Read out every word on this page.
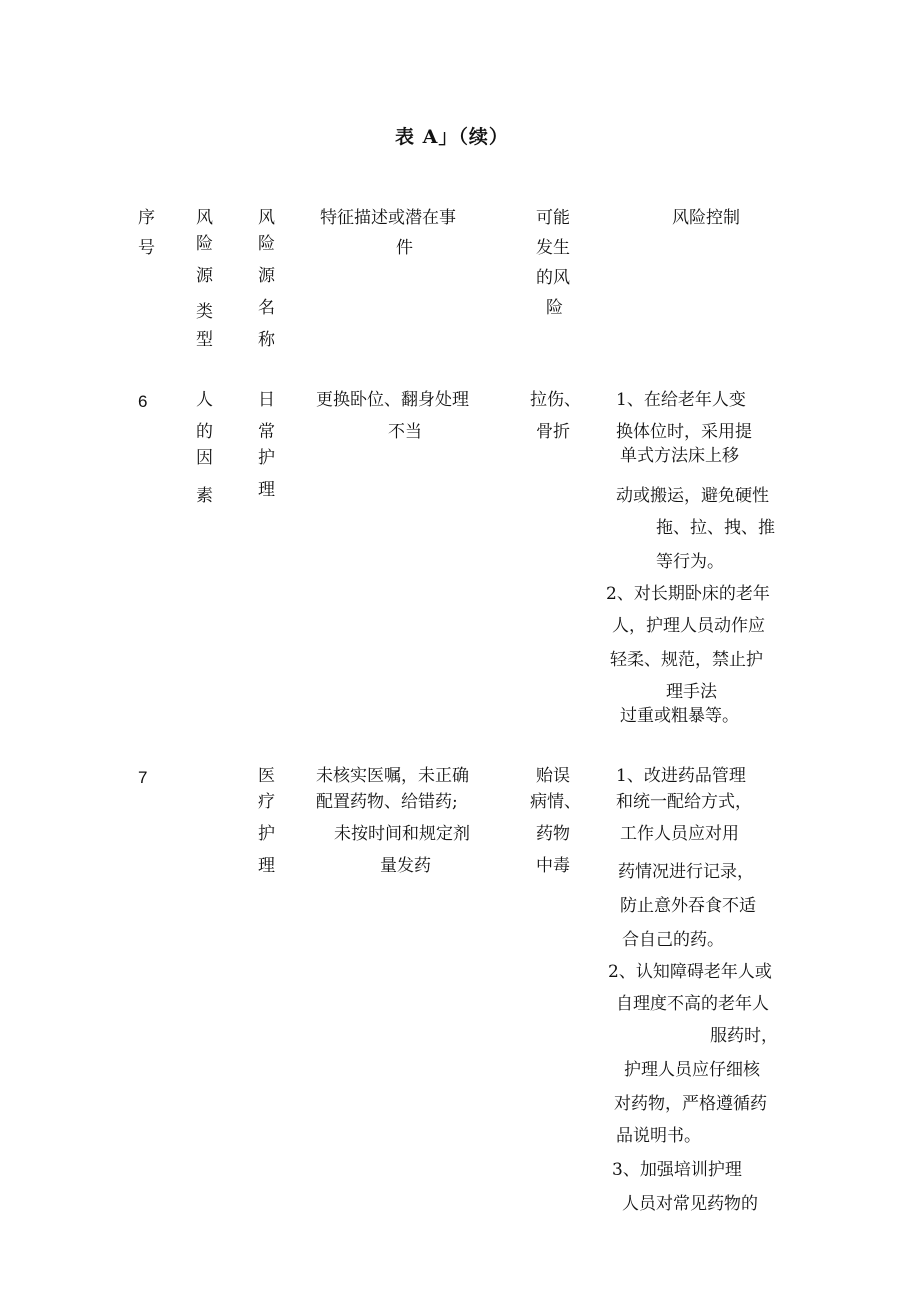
表 A」（续）
序
号
风
险
源
类
型
风
险
源
名
称
特征描述或潜在事
件
可能
发生
的风
险
风险控制
6	人
的
因
素
日
常
护
理
更换卧位、翻身处理
不当
拉伤、
骨折
1、在给老年人变
换体位时，采用提
单式方法床上移
动或搬运，避免硬性
拖、拉、拽、推
等行为。
2、对长期卧床的老年
人，护理人员动作应
轻柔、规范，禁止护
理手法
过重或粗暴等。
7	医
疗
护
理
未核实医嘱，未正确
配置药物、给错药;
未按时间和规定剂
量发药
贻误
病情、
药物
中毒
1、改进药品管理
和统一配给方式，
工作人员应对用
药情况进行记录，
防止意外吞食不适
合自己的药。
2、认知障碍老年人或
自理度不高的老年人
服药时，
护理人员应仔细核
对药物，严格遵循药
品说明书。
3、加强培训护理
人员对常见药物的
